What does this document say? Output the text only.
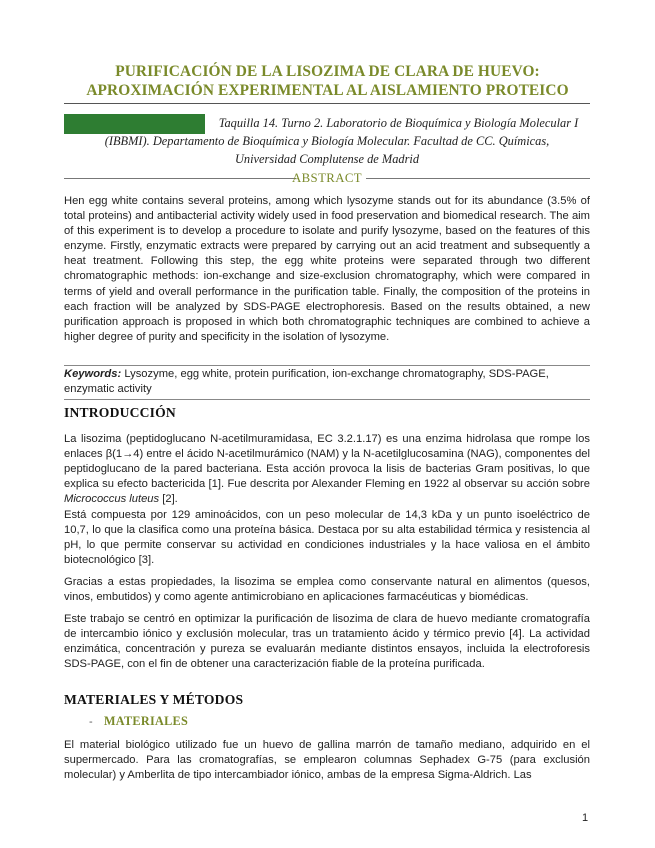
PURIFICACIÓN DE LA LISOZIMA DE CLARA DE HUEVO:
APROXIMACIÓN EXPERIMENTAL AL AISLAMIENTO PROTEICO
Taquilla 14. Turno 2. Laboratorio de Bioquímica y Biología Molecular I
(IBBMI). Departamento de Bioquímica y Biología Molecular. Facultad de CC. Químicas,
Universidad Complutense de Madrid
ABSTRACT
Hen egg white contains several proteins, among which lysozyme stands out for its abundance (3.5% of total proteins) and antibacterial activity widely used in food preservation and biomedical research. The aim of this experiment is to develop a procedure to isolate and purify lysozyme, based on the features of this enzyme. Firstly, enzymatic extracts were prepared by carrying out an acid treatment and subsequently a heat treatment. Following this step, the egg white proteins were separated through two different chromatographic methods: ion-exchange and size-exclusion chromatography, which were compared in terms of yield and overall performance in the purification table. Finally, the composition of the proteins in each fraction will be analyzed by SDS-PAGE electrophoresis. Based on the results obtained, a new purification approach is proposed in which both chromatographic techniques are combined to achieve a higher degree of purity and specificity in the isolation of lysozyme.
Keywords: Lysozyme, egg white, protein purification, ion-exchange chromatography, SDS-PAGE, enzymatic activity
INTRODUCCIÓN
La lisozima (peptidoglucano N-acetilmuramidasa, EC 3.2.1.17) es una enzima hidrolasa que rompe los enlaces β(1→4) entre el ácido N-acetilmurámico (NAM) y la N-acetilglucosamina (NAG), componentes del peptidoglucano de la pared bacteriana. Esta acción provoca la lisis de bacterias Gram positivas, lo que explica su efecto bactericida [1]. Fue descrita por Alexander Fleming en 1922 al observar su acción sobre Micrococcus luteus [2].
Está compuesta por 129 aminoácidos, con un peso molecular de 14,3 kDa y un punto isoeléctrico de 10,7, lo que la clasifica como una proteína básica. Destaca por su alta estabilidad térmica y resistencia al pH, lo que permite conservar su actividad en condiciones industriales y la hace valiosa en el ámbito biotecnológico [3].
Gracias a estas propiedades, la lisozima se emplea como conservante natural en alimentos (quesos, vinos, embutidos) y como agente antimicrobiano en aplicaciones farmacéuticas y biomédicas.
Este trabajo se centró en optimizar la purificación de lisozima de clara de huevo mediante cromatografía de intercambio iónico y exclusión molecular, tras un tratamiento ácido y térmico previo [4]. La actividad enzimática, concentración y pureza se evaluarán mediante distintos ensayos, incluida la electroforesis SDS-PAGE, con el fin de obtener una caracterización fiable de la proteína purificada.
MATERIALES Y MÉTODOS
- MATERIALES
El material biológico utilizado fue un huevo de gallina marrón de tamaño mediano, adquirido en el supermercado. Para las cromatografías, se emplearon columnas Sephadex G-75 (para exclusión molecular) y Amberlita de tipo intercambiador iónico, ambas de la empresa Sigma-Aldrich. Las
1
